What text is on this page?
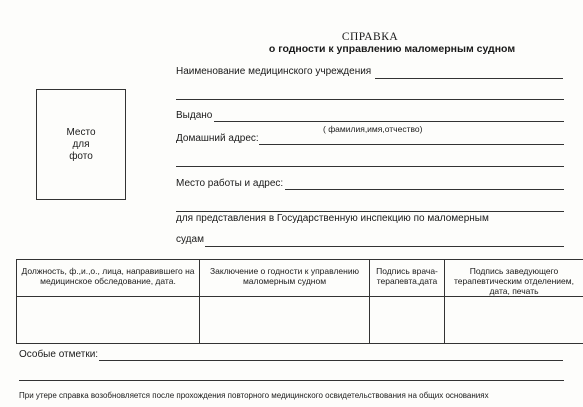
СПРАВКА
о годности к управлению маломерным судном
Место
для
фото
Наименование медицинского учреждения
Выдано
( фамилия,имя,отчество)
Домашний адрес:
Место работы и адрес:
для представления в Государственную инспекцию по маломерным
судам
Должность, ф.,и.,о., лица, направившего на медицинское обследование, дата.	Заключение о годности к управлению маломерным судном	Подпись врача-терапевта,дата	Подпись заведующего терапевтическим отделением, дата, печать

Особые отметки:
При утере справка возобновляется после прохождения повторного медицинского освидетельствования на общих основаниях
